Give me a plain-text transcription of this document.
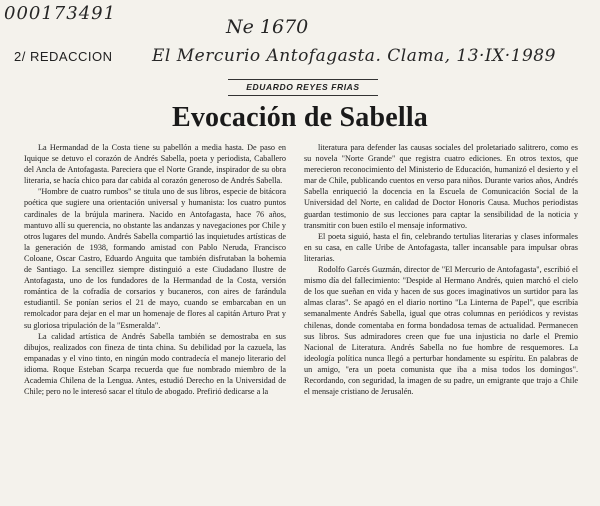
000173491
Ne 1670
2/ REDACCION El Mercurio Antofagasta. Clama, 13·IX·1989
EDUARDO REYES FRIAS
Evocación de Sabella

La Hermandad de la Costa tiene su pabellón a media hasta. De paso en Iquique se detuvo el corazón de Andrés Sabella, poeta y periodista, Caballero del Ancla de Antofagasta. Pareciera que el Norte Grande, inspirador de su obra literaria, se hacía chico para dar cabida al corazón generoso de Andrés Sabella.

"Hombre de cuatro rumbos" se titula uno de sus libros, especie de bitácora poética que sugiere una orientación universal y humanista: los cuatro puntos cardinales de la brújula marinera. Nacido en Antofagasta, hace 76 años, mantuvo allí su querencia, no obstante las andanzas y navegaciones por Chile y otros lugares del mundo. Andrés Sabella compartió las inquietudes artísticas de la generación de 1938, formando amistad con Pablo Neruda, Francisco Coloane, Oscar Castro, Eduardo Anguita que también disfrutaban la bohemia de Santiago. La sencillez siempre distinguió a este Ciudadano Ilustre de Antofagasta, uno de los fundadores de la Hermandad de la Costa, versión romántica de la cofradía de corsarios y bucaneros, con aires de farándula estudiantil. Se ponían serios el 21 de mayo, cuando se embarcaban en un remolcador para dejar en el mar un homenaje de flores al capitán Arturo Prat y su gloriosa tripulación de la "Esmeralda".

La calidad artística de Andrés Sabella también se demostraba en sus dibujos, realizados con fineza de tinta china. Su debilidad por la cazuela, las empanadas y el vino tinto, en ningún modo contradecía el manejo literario del idioma. Roque Esteban Scarpa recuerda que fue nombrado miembro de la Academia Chilena de la Lengua. Antes, estudió Derecho en la Universidad de Chile; pero no le interesó sacar el título de abogado. Prefirió dedicarse a la

literatura para defender las causas sociales del proletariado salitrero, como es su novela "Norte Grande" que registra cuatro ediciones. En otros textos, que merecieron reconocimiento del Ministerio de Educación, humanizó el desierto y el mar de Chile, publicando cuentos en verso para niños. Durante varios años, Andrés Sabella enriqueció la docencia en la Escuela de Comunicación Social de la Universidad del Norte, en calidad de Doctor Honoris Causa. Muchos periodistas guardan testimonio de sus lecciones para captar la sensibilidad de la noticia y transmitir con buen estilo el mensaje informativo.

El poeta siguió, hasta el fin, celebrando tertulias literarias y clases informales en su casa, en calle Uribe de Antofagasta, taller incansable para impulsar obras literarias.

Rodolfo Garcés Guzmán, director de "El Mercurio de Antofagasta", escribió el mismo día del fallecimiento: "Despide al Hermano Andrés, quien marchó el cielo de los que sueñan en vida y hacen de sus goces imaginativos un surtidor para las almas claras". Se apagó en el diario nortino "La Linterna de Papel", que escribía semanalmente Andrés Sabella, igual que otras columnas en periódicos y revistas chilenas, donde comentaba en forma bondadosa temas de actualidad. Permanecen sus libros. Sus admiradores creen que fue una injusticia no darle el Premio Nacional de Literatura. Andrés Sabella no fue hombre de resquemores. La ideología política nunca llegó a perturbar hondamente su espíritu. En palabras de un amigo, "era un poeta comunista que iba a misa todos los domingos". Recordando, con seguridad, la imagen de su padre, un emigrante que trajo a Chile el mensaje cristiano de Jerusalén.
